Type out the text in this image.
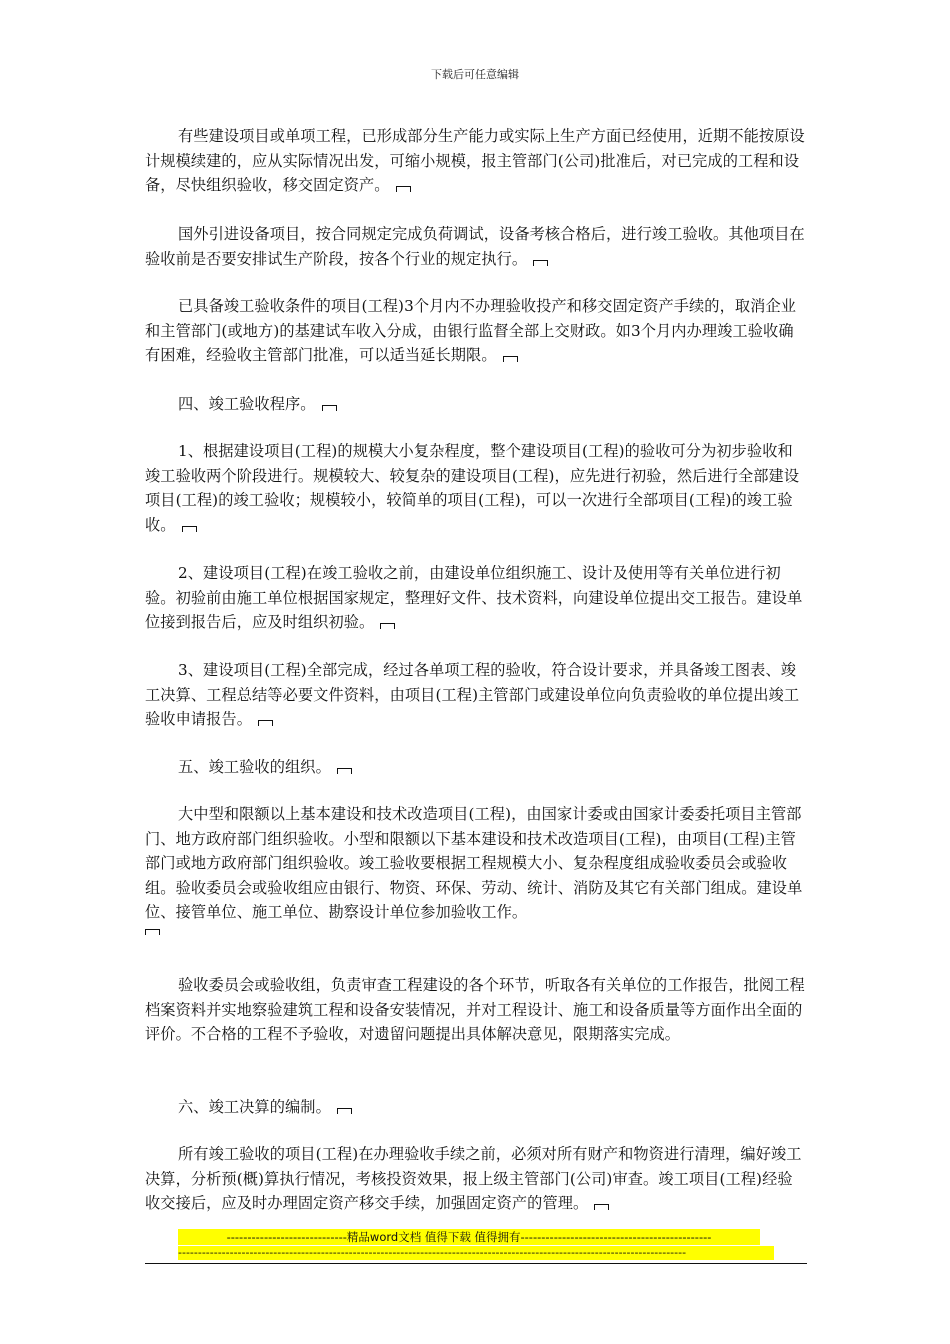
下载后可任意编辑

有些建设项目或单项工程，已形成部分生产能力或实际上生产方面已经使用，近期不能按原设计规模续建的，应从实际情况出发，可缩小规模，报主管部门(公司)批准后，对已完成的工程和设备，尽快组织验收，移交固定资产。

国外引进设备项目，按合同规定完成负荷调试，设备考核合格后，进行竣工验收。其他项目在验收前是否要安排试生产阶段，按各个行业的规定执行。

已具备竣工验收条件的项目(工程)3个月内不办理验收投产和移交固定资产手续的，取消企业和主管部门(或地方)的基建试车收入分成，由银行监督全部上交财政。如3个月内办理竣工验收确有困难，经验收主管部门批准，可以适当延长期限。

四、竣工验收程序。

1、根据建设项目(工程)的规模大小复杂程度，整个建设项目(工程)的验收可分为初步验收和竣工验收两个阶段进行。规模较大、较复杂的建设项目(工程)，应先进行初验，然后进行全部建设项目(工程)的竣工验收；规模较小，较简单的项目(工程)，可以一次进行全部项目(工程)的竣工验收。

2、建设项目(工程)在竣工验收之前，由建设单位组织施工、设计及使用等有关单位进行初验。初验前由施工单位根据国家规定，整理好文件、技术资料，向建设单位提出交工报告。建设单位接到报告后，应及时组织初验。

3、建设项目(工程)全部完成，经过各单项工程的验收，符合设计要求，并具备竣工图表、竣工决算、工程总结等必要文件资料，由项目(工程)主管部门或建设单位向负责验收的单位提出竣工验收申请报告。

五、竣工验收的组织。

大中型和限额以上基本建设和技术改造项目(工程)，由国家计委或由国家计委委托项目主管部门、地方政府部门组织验收。小型和限额以下基本建设和技术改造项目(工程)，由项目(工程)主管部门或地方政府部门组织验收。竣工验收要根据工程规模大小、复杂程度组成验收委员会或验收组。验收委员会或验收组应由银行、物资、环保、劳动、统计、消防及其它有关部门组成。建设单位、接管单位、施工单位、勘察设计单位参加验收工作。

验收委员会或验收组，负责审查工程建设的各个环节，听取各有关单位的工作报告，批阅工程档案资料并实地察验建筑工程和设备安装情况，并对工程设计、施工和设备质量等方面作出全面的评价。不合格的工程不予验收，对遗留问题提出具体解决意见，限期落实完成。

六、竣工决算的编制。

所有竣工验收的项目(工程)在办理验收手续之前，必须对所有财产和物资进行清理，编好竣工决算，分析预(概)算执行情况，考核投资效果，报上级主管部门(公司)审查。竣工项目(工程)经验收交接后，应及时办理固定资产移交手续，加强固定资产的管理。

-----------------------------精品word文档 值得下载 值得拥有----------------------------------------------
--------------------------------------------------------------------------------------------------------------------------------
